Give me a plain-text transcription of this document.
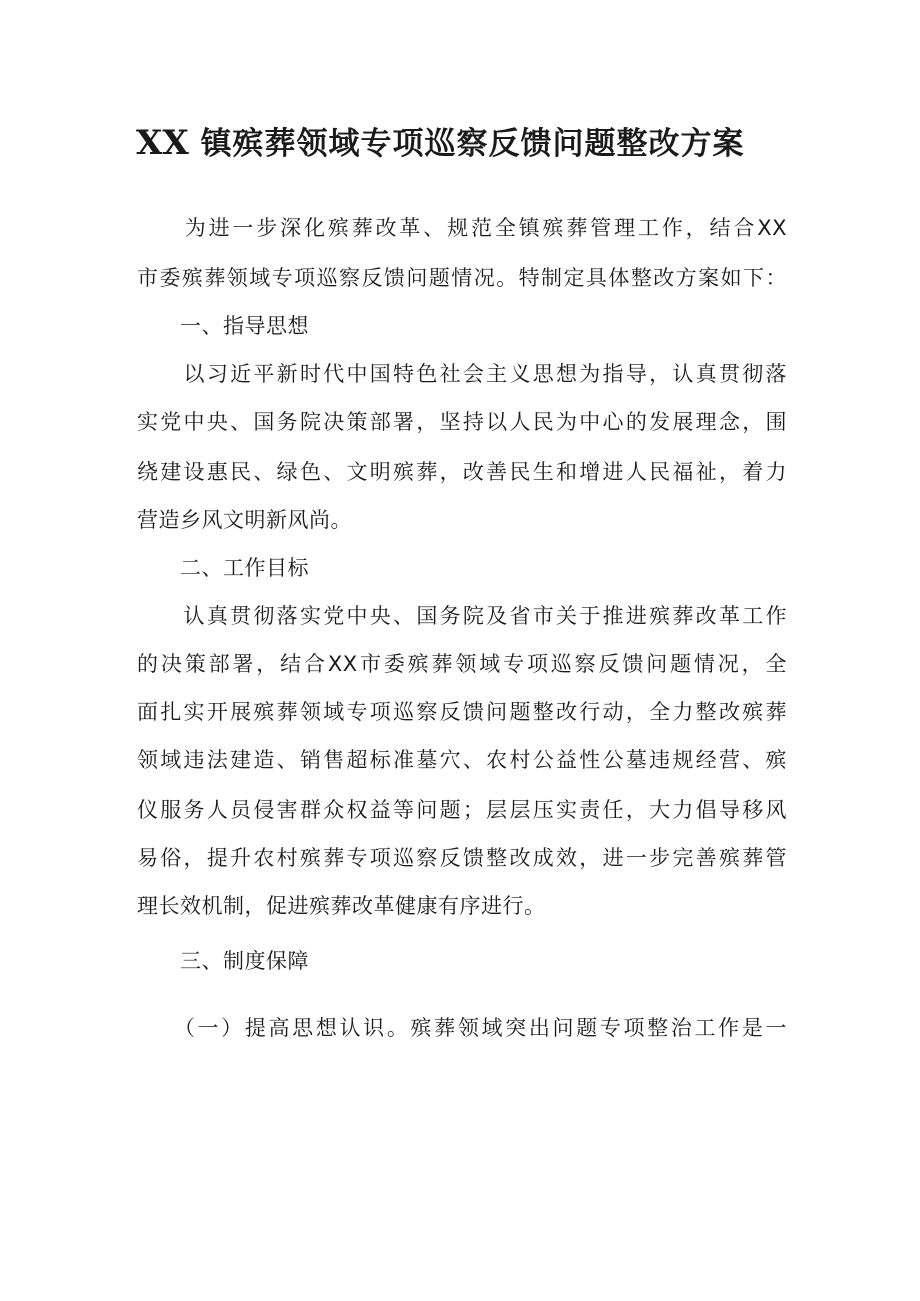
XX 镇殡葬领域专项巡察反馈问题整改方案

　　为进一步深化殡葬改革、规范全镇殡葬管理工作，结合XX

市委殡葬领域专项巡察反馈问题情况。特制定具体整改方案如下：

　　一、指导思想

　　以习近平新时代中国特色社会主义思想为指导，认真贯彻落

实党中央、国务院决策部署，坚持以人民为中心的发展理念，围

绕建设惠民、绿色、文明殡葬，改善民生和增进人民福祉，着力

营造乡风文明新风尚。

　　二、工作目标

　　认真贯彻落实党中央、国务院及省市关于推进殡葬改革工作

的决策部署，结合XX市委殡葬领域专项巡察反馈问题情况，全

面扎实开展殡葬领域专项巡察反馈问题整改行动，全力整改殡葬

领域违法建造、销售超标准墓穴、农村公益性公墓违规经营、殡

仪服务人员侵害群众权益等问题；层层压实责任，大力倡导移风

易俗，提升农村殡葬专项巡察反馈整改成效，进一步完善殡葬管

理长效机制，促进殡葬改革健康有序进行。

　　三、制度保障

　　（一）提高思想认识。殡葬领域突出问题专项整治工作是一
